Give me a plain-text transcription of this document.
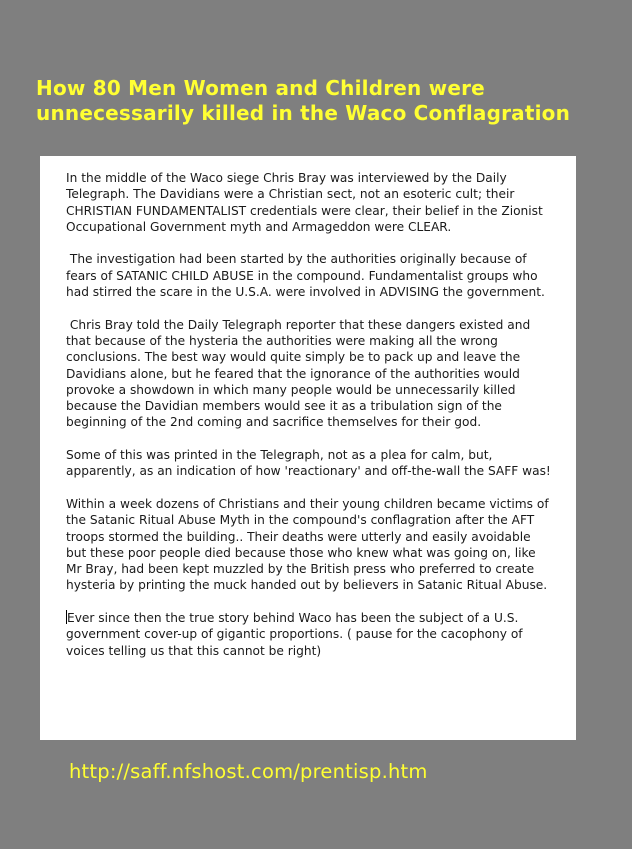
How 80 Men Women and Children were unnecessarily killed in the Waco Conflagration

In the middle of the Waco siege Chris Bray was interviewed by the Daily Telegraph. The Davidians were a Christian sect, not an esoteric cult; their CHRISTIAN FUNDAMENTALIST credentials were clear, their belief in the Zionist Occupational Government myth and Armageddon were CLEAR.

The investigation had been started by the authorities originally because of fears of SATANIC CHILD ABUSE in the compound. Fundamentalist groups who had stirred the scare in the U.S.A. were involved in ADVISING the government.

Chris Bray told the Daily Telegraph reporter that these dangers existed and that because of the hysteria the authorities were making all the wrong conclusions. The best way would quite simply be to pack up and leave the Davidians alone, but he feared that the ignorance of the authorities would provoke a showdown in which many people would be unnecessarily killed because the Davidian members would see it as a tribulation sign of the beginning of the 2nd coming and sacrifice themselves for their god.

Some of this was printed in the Telegraph, not as a plea for calm, but, apparently, as an indication of how 'reactionary' and off-the-wall the SAFF was!

Within a week dozens of Christians and their young children became victims of the Satanic Ritual Abuse Myth in the compound's conflagration after the AFT troops stormed the building.. Their deaths were utterly and easily avoidable but these poor people died because those who knew what was going on, like Mr Bray, had been kept muzzled by the British press who preferred to create hysteria by printing the muck handed out by believers in Satanic Ritual Abuse.

Ever since then the true story behind Waco has been the subject of a U.S. government cover-up of gigantic proportions. ( pause for the cacophony of voices telling us that this cannot be right)

http://saff.nfshost.com/prentisp.htm
